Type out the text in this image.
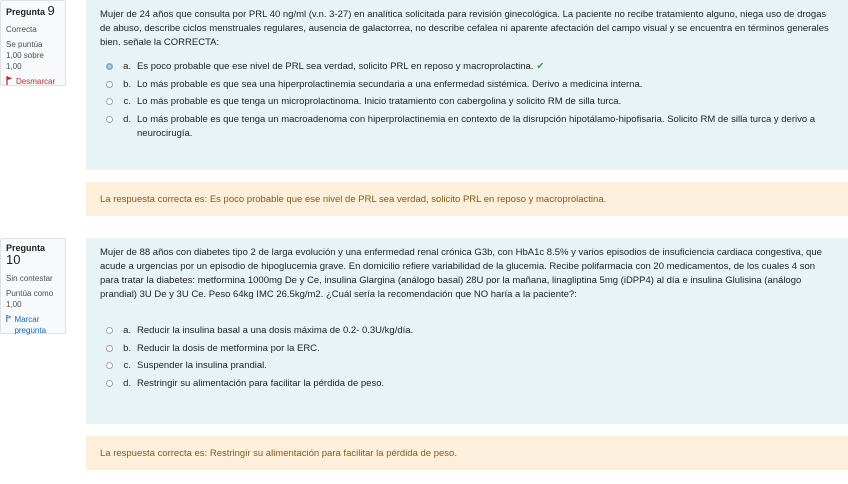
Pregunta 9
Correcta
Se puntúa 1,00 sobre 1,00
Desmarcar
Mujer de 24 años que consulta por PRL 40 ng/ml (v.n. 3-27) en analítica solicitada para revisión ginecológica. La paciente no recibe tratamiento alguno, niega uso de drogas de abuso, describe ciclos menstruales regulares, ausencia de galactorrea, no describe cefalea ni aparente afectación del campo visual y se encuentra en términos generales bien. señale la CORRECTA:
a. Es poco probable que ese nivel de PRL sea verdad, solicito PRL en reposo y macroprolactina. ✔
b. Lo más probable es que sea una hiperprolactinemia secundaria a una enfermedad sistémica. Derivo a medicina interna.
c. Lo más probable es que tenga un microprolactinoma. Inicio tratamiento con cabergolina y solicito RM de silla turca.
d. Lo más probable es que tenga un macroadenoma con hiperprolactinemia en contexto de la disrupción hipotálamo-hipofisaria. Solicito RM de silla turca y derivo a neurocirugía.
La respuesta correcta es: Es poco probable que ese nivel de PRL sea verdad, solicito PRL en reposo y macroprolactina.
Pregunta 10
Sin contestar
Puntúa como 1,00
Marcar pregunta
Mujer de 88 años con diabetes tipo 2 de larga evolución y una enfermedad renal crónica G3b, con HbA1c 8.5% y varios episodios de insuficiencia cardiaca congestiva, que acude a urgencias por un episodio de hipoglucemia grave. En domicilio refiere variabilidad de la glucemia. Recibe polifarmacia con 20 medicamentos, de los cuales 4 son para tratar la diabetes: metformina 1000mg De y Ce, insulina Glargina (análogo basal) 28U por la mañana, linagliptina 5mg (iDPP4) al día e insulina Glulisina (análogo prandial) 3U De y 3U Ce. Peso 64kg IMC 26.5kg/m2. ¿Cuál sería la recomendación que NO haría a la paciente?:
a. Reducir la insulina basal a una dosis máxima de 0.2- 0.3U/kg/día.
b. Reducir la dosis de metformina por la ERC.
c. Suspender la insulina prandial.
d. Restringir su alimentación para facilitar la pérdida de peso.
La respuesta correcta es: Restringir su alimentación para facilitar la pérdida de peso.
